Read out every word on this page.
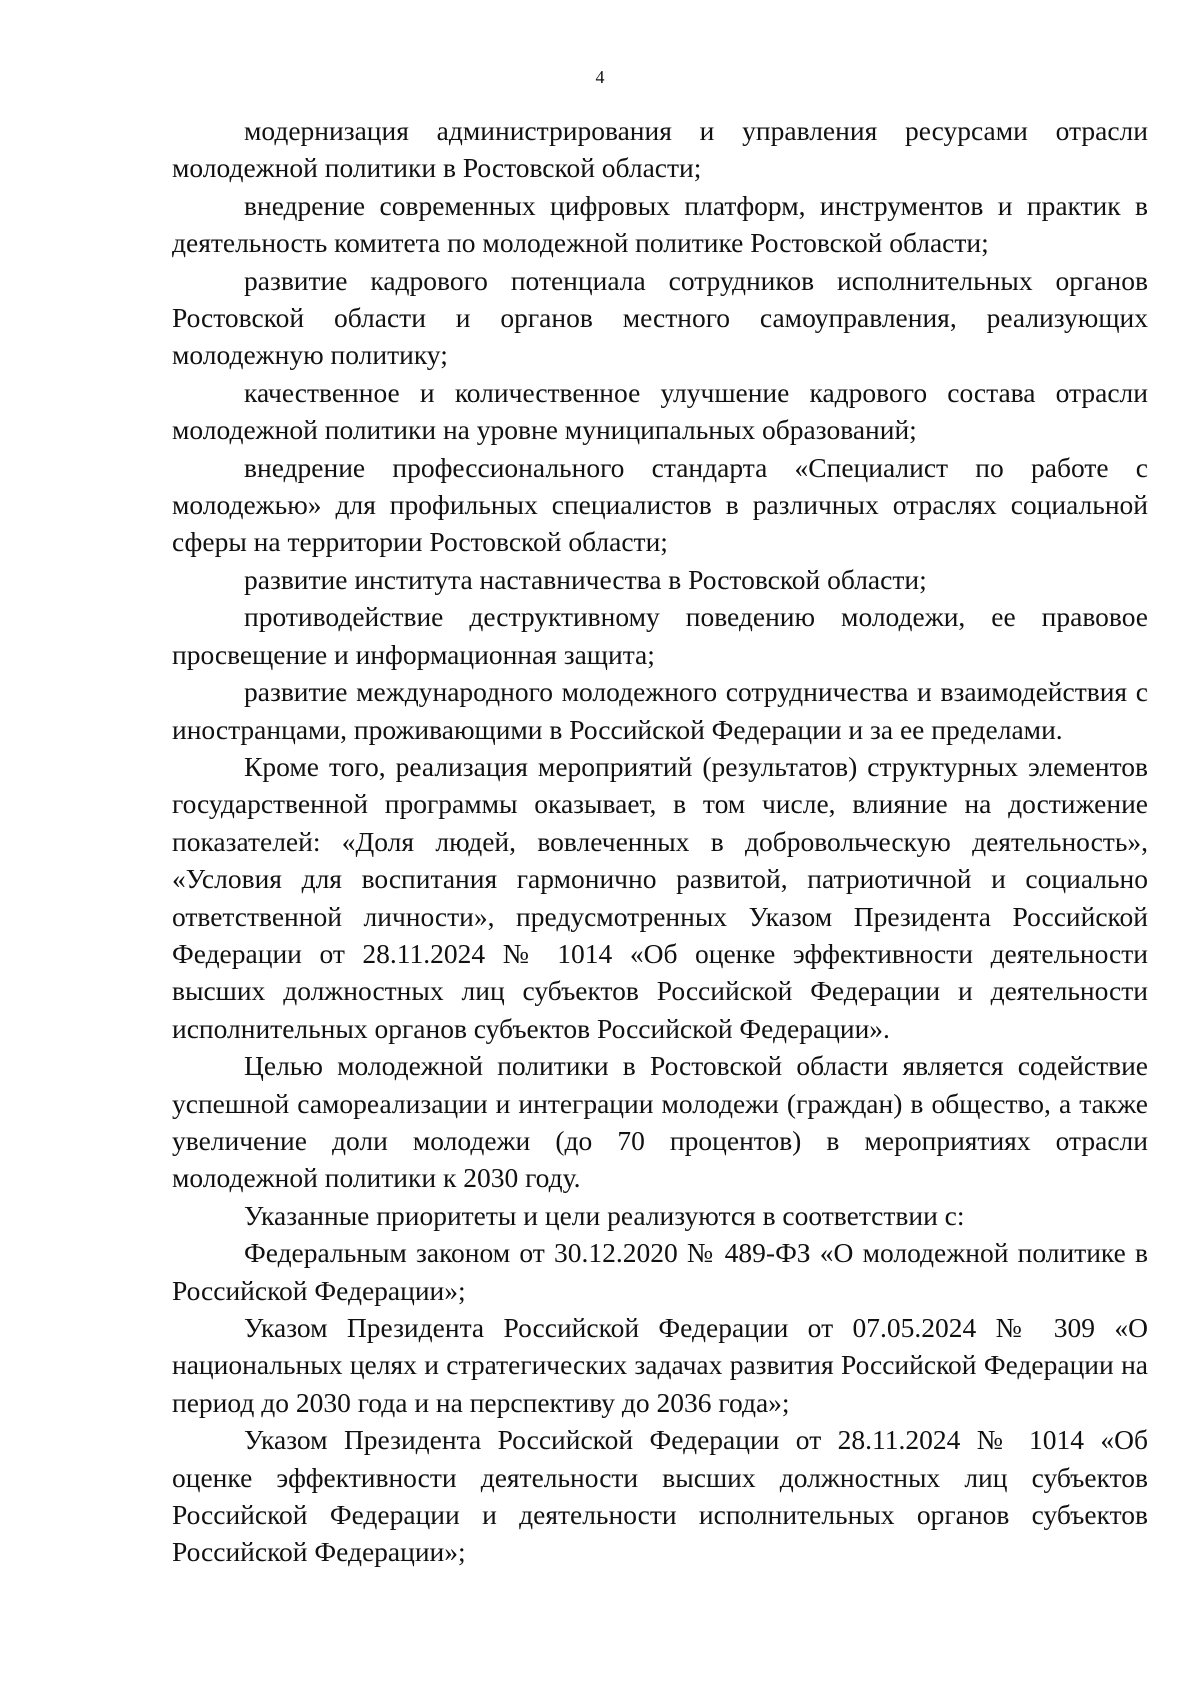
4

модернизация администрирования и управления ресурсами отрасли молодежной политики в Ростовской области;

внедрение современных цифровых платформ, инструментов и практик в деятельность комитета по молодежной политике Ростовской области;

развитие кадрового потенциала сотрудников исполнительных органов Ростовской области и органов местного самоуправления, реализующих молодежную политику;

качественное и количественное улучшение кадрового состава отрасли молодежной политики на уровне муниципальных образований;

внедрение профессионального стандарта «Специалист по работе с молодежью» для профильных специалистов в различных отраслях социальной сферы на территории Ростовской области;

развитие института наставничества в Ростовской области;

противодействие деструктивному поведению молодежи, ее правовое просвещение и информационная защита;

развитие международного молодежного сотрудничества и взаимодействия с иностранцами, проживающими в Российской Федерации и за ее пределами.

Кроме того, реализация мероприятий (результатов) структурных элементов государственной программы оказывает, в том числе, влияние на достижение показателей: «Доля людей, вовлеченных в добровольческую деятельность», «Условия для воспитания гармонично развитой, патриотичной и социально ответственной личности», предусмотренных Указом Президента Российской Федерации от 28.11.2024 № 1014 «Об оценке эффективности деятельности высших должностных лиц субъектов Российской Федерации и деятельности исполнительных органов субъектов Российской Федерации».

Целью молодежной политики в Ростовской области является содействие успешной самореализации и интеграции молодежи (граждан) в общество, а также увеличение доли молодежи (до 70 процентов) в мероприятиях отрасли молодежной политики к 2030 году.

Указанные приоритеты и цели реализуются в соответствии с:

Федеральным законом от 30.12.2020 № 489-ФЗ «О молодежной политике в Российской Федерации»;

Указом Президента Российской Федерации от 07.05.2024 № 309 «О национальных целях и стратегических задачах развития Российской Федерации на период до 2030 года и на перспективу до 2036 года»;

Указом Президента Российской Федерации от 28.11.2024 № 1014 «Об оценке эффективности деятельности высших должностных лиц субъектов Российской Федерации и деятельности исполнительных органов субъектов Российской Федерации»;
